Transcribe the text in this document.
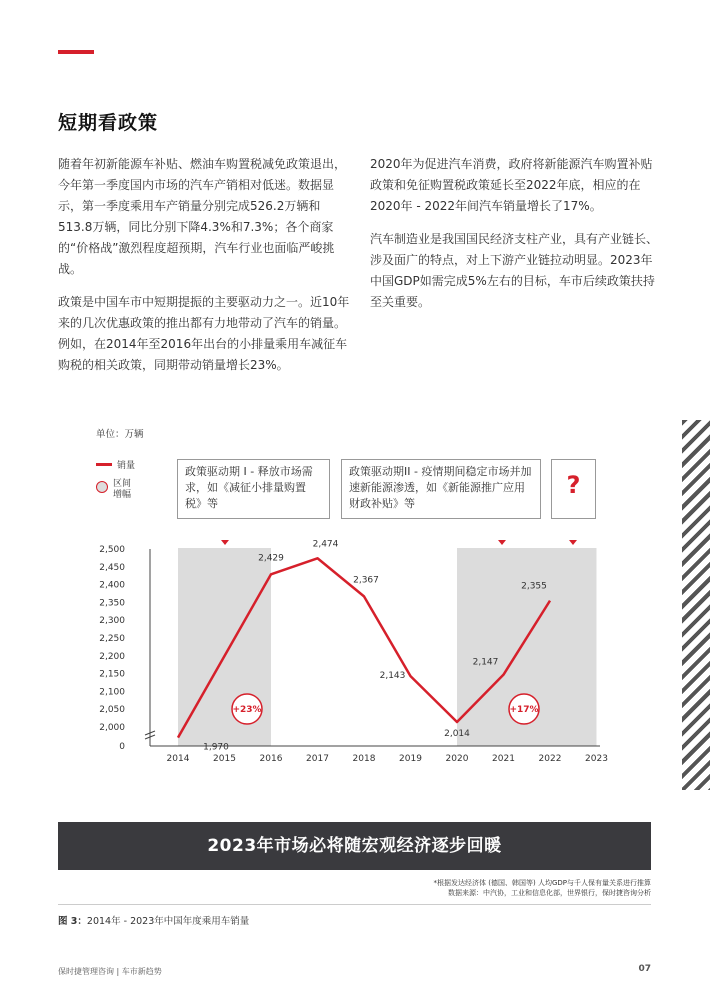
短期看政策

随着年初新能源车补贴、燃油车购置税减免政策退出，今年第一季度国内市场的汽车产销相对低迷。数据显示，第一季度乘用车产销量分别完成526.2万辆和513.8万辆，同比分别下降4.3%和7.3%；各个商家的“价格战”激烈程度超预期，汽车行业也面临严峻挑战。

政策是中国车市中短期提振的主要驱动力之一。近10年来的几次优惠政策的推出都有力地带动了汽车的销量。例如，在2014年至2016年出台的小排量乘用车减征车购税的相关政策，同期带动销量增长23%。

2020年为促进汽车消费，政府将新能源汽车购置补贴政策和免征购置税政策延长至2022年底，相应的在2020年 - 2022年间汽车销量增长了17%。

汽车制造业是我国国民经济支柱产业，具有产业链长、涉及面广的特点，对上下游产业链拉动明显。2023年中国GDP如需完成5%左右的目标，车市后续政策扶持至关重要。

单位：万辆
销量
区间
增幅
政策驱动期 I - 释放市场需求，如《减征小排量购置税》等
政策驱动期II - 疫情期间稳定市场并加速新能源渗透，如《新能源推广应用财政补贴》等
?
0
2,000
2,050
2,100
2,150
2,200
2,250
2,300
2,350
2,400
2,450
2,500
2014	2015	2016	2017	2018	2019	2020	2021	2022	2023
1,970
2,429
2,474
2,367
2,143
2,014
2,147
2,355
+23%	+17%
2023年市场必将随宏观经济逐步回暖
*根据发达经济体 (德国、韩国等) 人均GDP与千人保有量关系进行推算
数据来源：中汽协，工业和信息化部，世界银行，保时捷咨询分析
图 3：2014年 - 2023年中国年度乘用车销量
保时捷管理咨询 | 车市新趋势	07
